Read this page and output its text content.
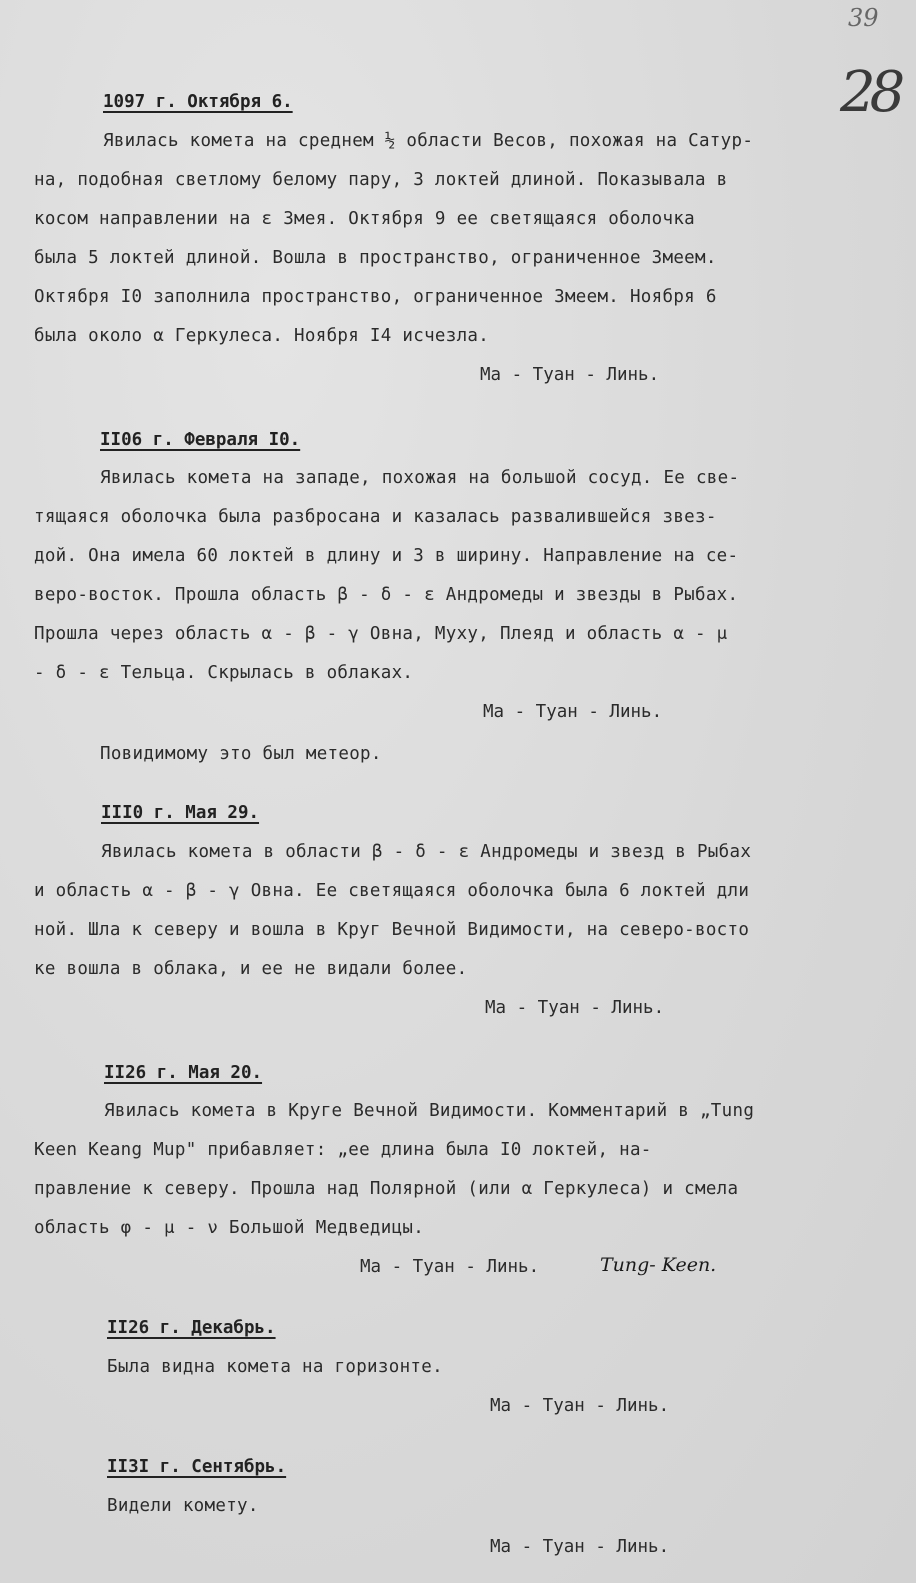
39
28
1097 г. Октября 6.
Явилась комета на среднем ½ области Весов, похожая на Сатур-
на, подобная светлому белому пару, 3 локтей длиной. Показывала в
косом направлении на ε Змея. Октября 9 ее светящаяся оболочка
была 5 локтей длиной. Вошла в пространство, ограниченное Змеем.
Октября I0 заполнила пространство, ограниченное Змеем. Ноября 6
была около α Геркулеса. Ноября I4 исчезла.
Ма - Туан - Линь.
II06 г. Февраля I0.
Явилась комета на западе, похожая на большой сосуд. Ее све-
тящаяся оболочка была разбросана и казалась развалившейся звез-
дой. Она имела 60 локтей в длину и 3 в ширину. Направление на се-
веро-восток. Прошла область β - δ - ε Андромеды и звезды в Рыбах.
Прошла через область α - β - γ Овна, Муху, Плеяд и область α - μ
- δ - ε Тельца. Скрылась в облаках.
Ма - Туан - Линь.
Повидимому это был метеор.
III0 г. Мая 29.
Явилась комета в области β - δ - ε Андромеды и звезд в Рыбах
и область α - β - γ Овна. Ее светящаяся оболочка была 6 локтей дли
ной. Шла к северу и вошла в Круг Вечной Видимости, на северо-восто
ке вошла в облака, и ее не видали более.
Ма - Туан - Линь.
II26 г. Мая 20.
Явилась комета в Круге Вечной Видимости. Комментарий в „Tung
Keen Keang Mup" прибавляет: „ее длина была I0 локтей, на-
правление к северу. Прошла над Полярной (или α Геркулеса) и смела
область φ - μ - ν Большой Медведицы.
Ма - Туан - Линь.	Tung- Keen.
II26 г. Декабрь.
Была видна комета на горизонте.
Ма - Туан - Линь.
II3I г. Сентябрь.
Видели комету.
Ма - Туан - Линь.
